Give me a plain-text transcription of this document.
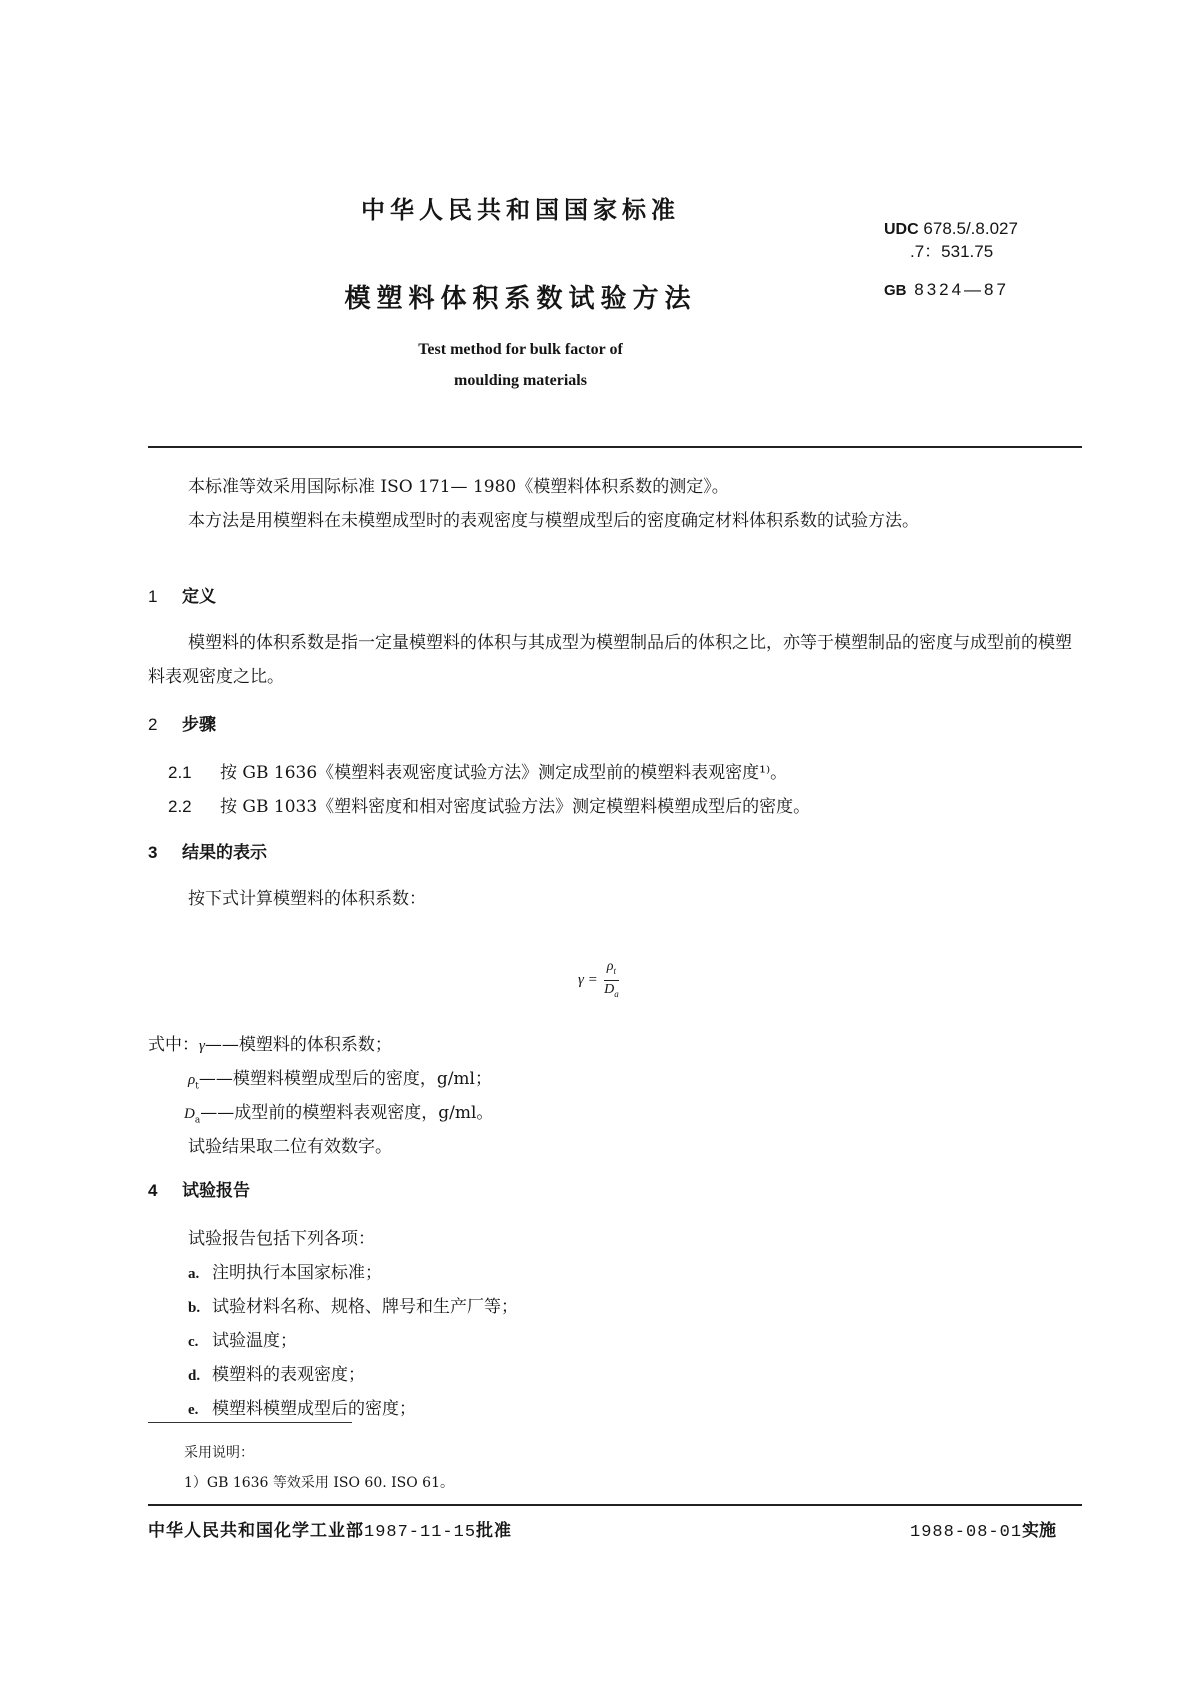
中华人民共和国国家标准
UDC 678.5/.8.027
.7：531.75
模塑料体积系数试验方法	GB 8324—87
Test method for bulk factor of
moulding materials
本标准等效采用国际标准 ISO 171— 1980《模塑料体积系数的测定》。
本方法是用模塑料在未模塑成型时的表观密度与模塑成型后的密度确定材料体积系数的试验方法。
1 定义
模塑料的体积系数是指一定量模塑料的体积与其成型为模塑制品后的体积之比，亦等于模塑制品的密度与成型前的模塑料表观密度之比。
2 步骤
2.1 按 GB 1636《模塑料表观密度试验方法》测定成型前的模塑料表观密度¹⁾。
2.2 按 GB 1033《塑料密度和相对密度试验方法》测定模塑料模塑成型后的密度。
3 结果的表示
按下式计算模塑料的体积系数：
$\gamma = \frac{\rho_t}{D_a}$
式中：γ——模塑料的体积系数；
$\rho_t——$模塑料模塑成型后的密度，g/ml；
$D_a——$成型前的模塑料表观密度，g/ml。
试验结果取二位有效数字。
4 试验报告
试验报告包括下列各项：
a. 注明执行本国家标准；
b. 试验材料名称、规格、牌号和生产厂等；
c. 试验温度；
d. 模塑料的表观密度；
e. 模塑料模塑成型后的密度；
采用说明：
1）GB 1636 等效采用 ISO 60. ISO 61。
中华人民共和国化学工业部1987-11-15批准	1988-08-01实施
